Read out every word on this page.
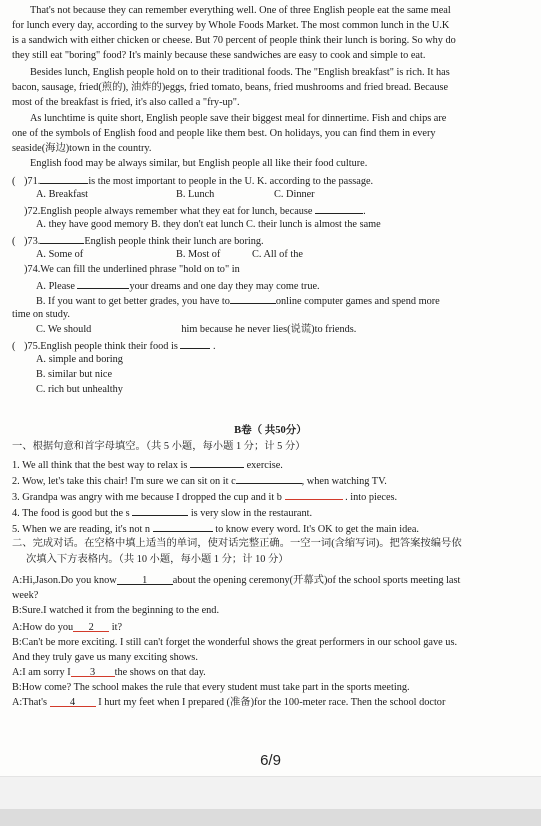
That's not because they can remember everything well. One of three English people eat the same meal
for lunch every day, according to the survey by Whole Foods Market. The most common lunch in the U.K
is a sandwich with either chicken or cheese. But 70 percent of people think their lunch is boring. So why do
they still eat "boring" food? It's mainly because these sandwiches are easy to cook and simple to eat.
Besides lunch, English people hold on to their traditional foods. The "English breakfast" is rich. It has
bacon, sausage, fried(煎的), 油炸的)eggs, fried tomato, beans, fried mushrooms and fried bread. Because
most of the breakfast is fried, it's also called a "fry-up".
As lunchtime is quite short, English people save their biggest meal for dinnertime. Fish and chips are
one of the symbols of English food and people like them best. On holidays, you can find them in every
seaside(海边)town in the country.
English food may be always similar, but English people all like their food culture.
( )71.	is the most important to people in the U. K. according to the passage.
A. Breakfast	B. Lunch	C. Dinner
)72.English people always remember what they eat for lunch, because	.
A. they have good memory B. they don't eat lunch C. their lunch is almost the same
( )73.	English people think their lunch are boring.
A. Some of	B. Most of	C. All of the
)74.We can fill the underlined phrase "hold on to" in
A. Please	your dreams and one day they may come true.
B. If you want to get better grades, you have to	online computer games and spend more
time on study.
C. We should	him because he never lies(说谎)to friends.
( )75.English people think their food is	.
A. simple and boring
B. similar but nice
C. rich but unhealthy
B卷（ 共50分）
一、根据句意和首字母填空。（共 5 小题，每小题 1 分；计 5 分）
1. We all think that the best way to relax is	exercise.
2. Wow, let's take this chair! I'm sure we can sit on it c	, when watching TV.
3. Grandpa was angry with me because I dropped the cup and it b	. into pieces.
4. The food is good but the s	is very slow in the restaurant.
5. When we are reading, it's not n	to know every word. It's OK to get the main idea.
二、完成对话。在空格中填上适当的单词，使对话完整正确。一空一词(含缩写词)。把答案按编号依
次填入下方表格内。（共 10 小题，每小题 1 分；计 10 分）
A:Hi,Jason.Do you know 1 about the opening ceremony(开幕式)of the school sports meeting last
week?
B:Sure.I watched it from the beginning to the end.
A:How do you 2 it?
B:Can't be more exciting. I still can't forget the wonderful shows the great performers in our school gave us.
And they truly gave us many exciting shows.
A:I am sorry I 3 the shows on that day.
B:How come? The school makes the rule that every student must take part in the sports meeting.
A:That's 4 I hurt my feet when I prepared (准备)for the 100-meter race. Then the school doctor
6/9
